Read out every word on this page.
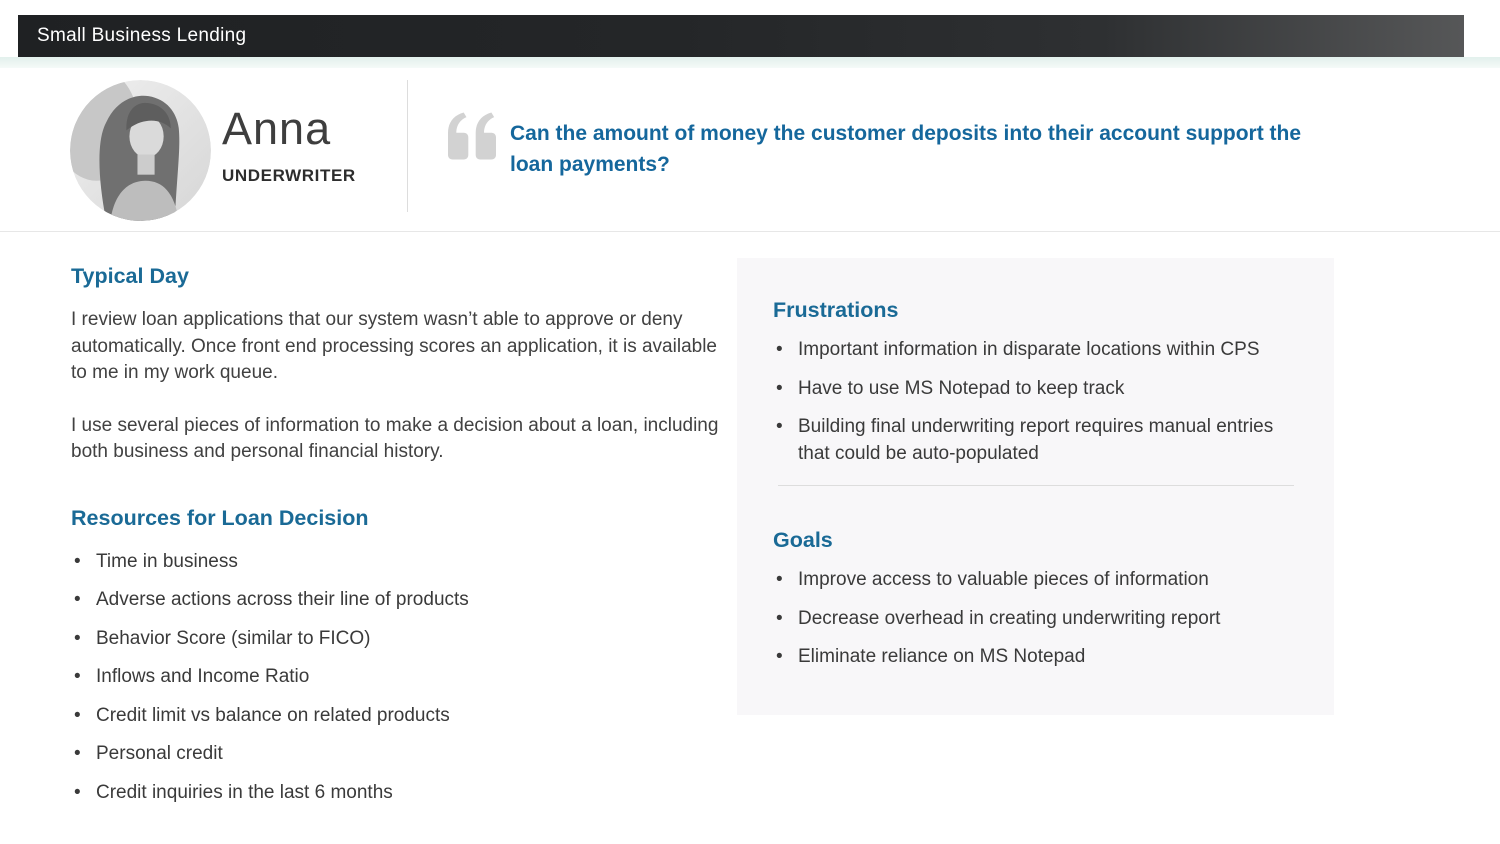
Small Business Lending
Anna
UNDERWRITER
Can the amount of money the customer deposits into their account support the loan payments?
Typical Day

I review loan applications that our system wasn’t able to approve or deny automatically. Once front end processing scores an application, it is available to me in my work queue.

I use several pieces of information to make a decision about a loan, including both business and personal financial history.

Resources for Loan Decision
• Time in business
• Adverse actions across their line of products
• Behavior Score (similar to FICO)
• Inflows and Income Ratio
• Credit limit vs balance on related products
• Personal credit
• Credit inquiries in the last 6 months
Frustrations
• Important information in disparate locations within CPS
• Have to use MS Notepad to keep track
• Building final underwriting report requires manual entries that could be auto-populated
Goals
• Improve access to valuable pieces of information
• Decrease overhead in creating underwriting report
• Eliminate reliance on MS Notepad
